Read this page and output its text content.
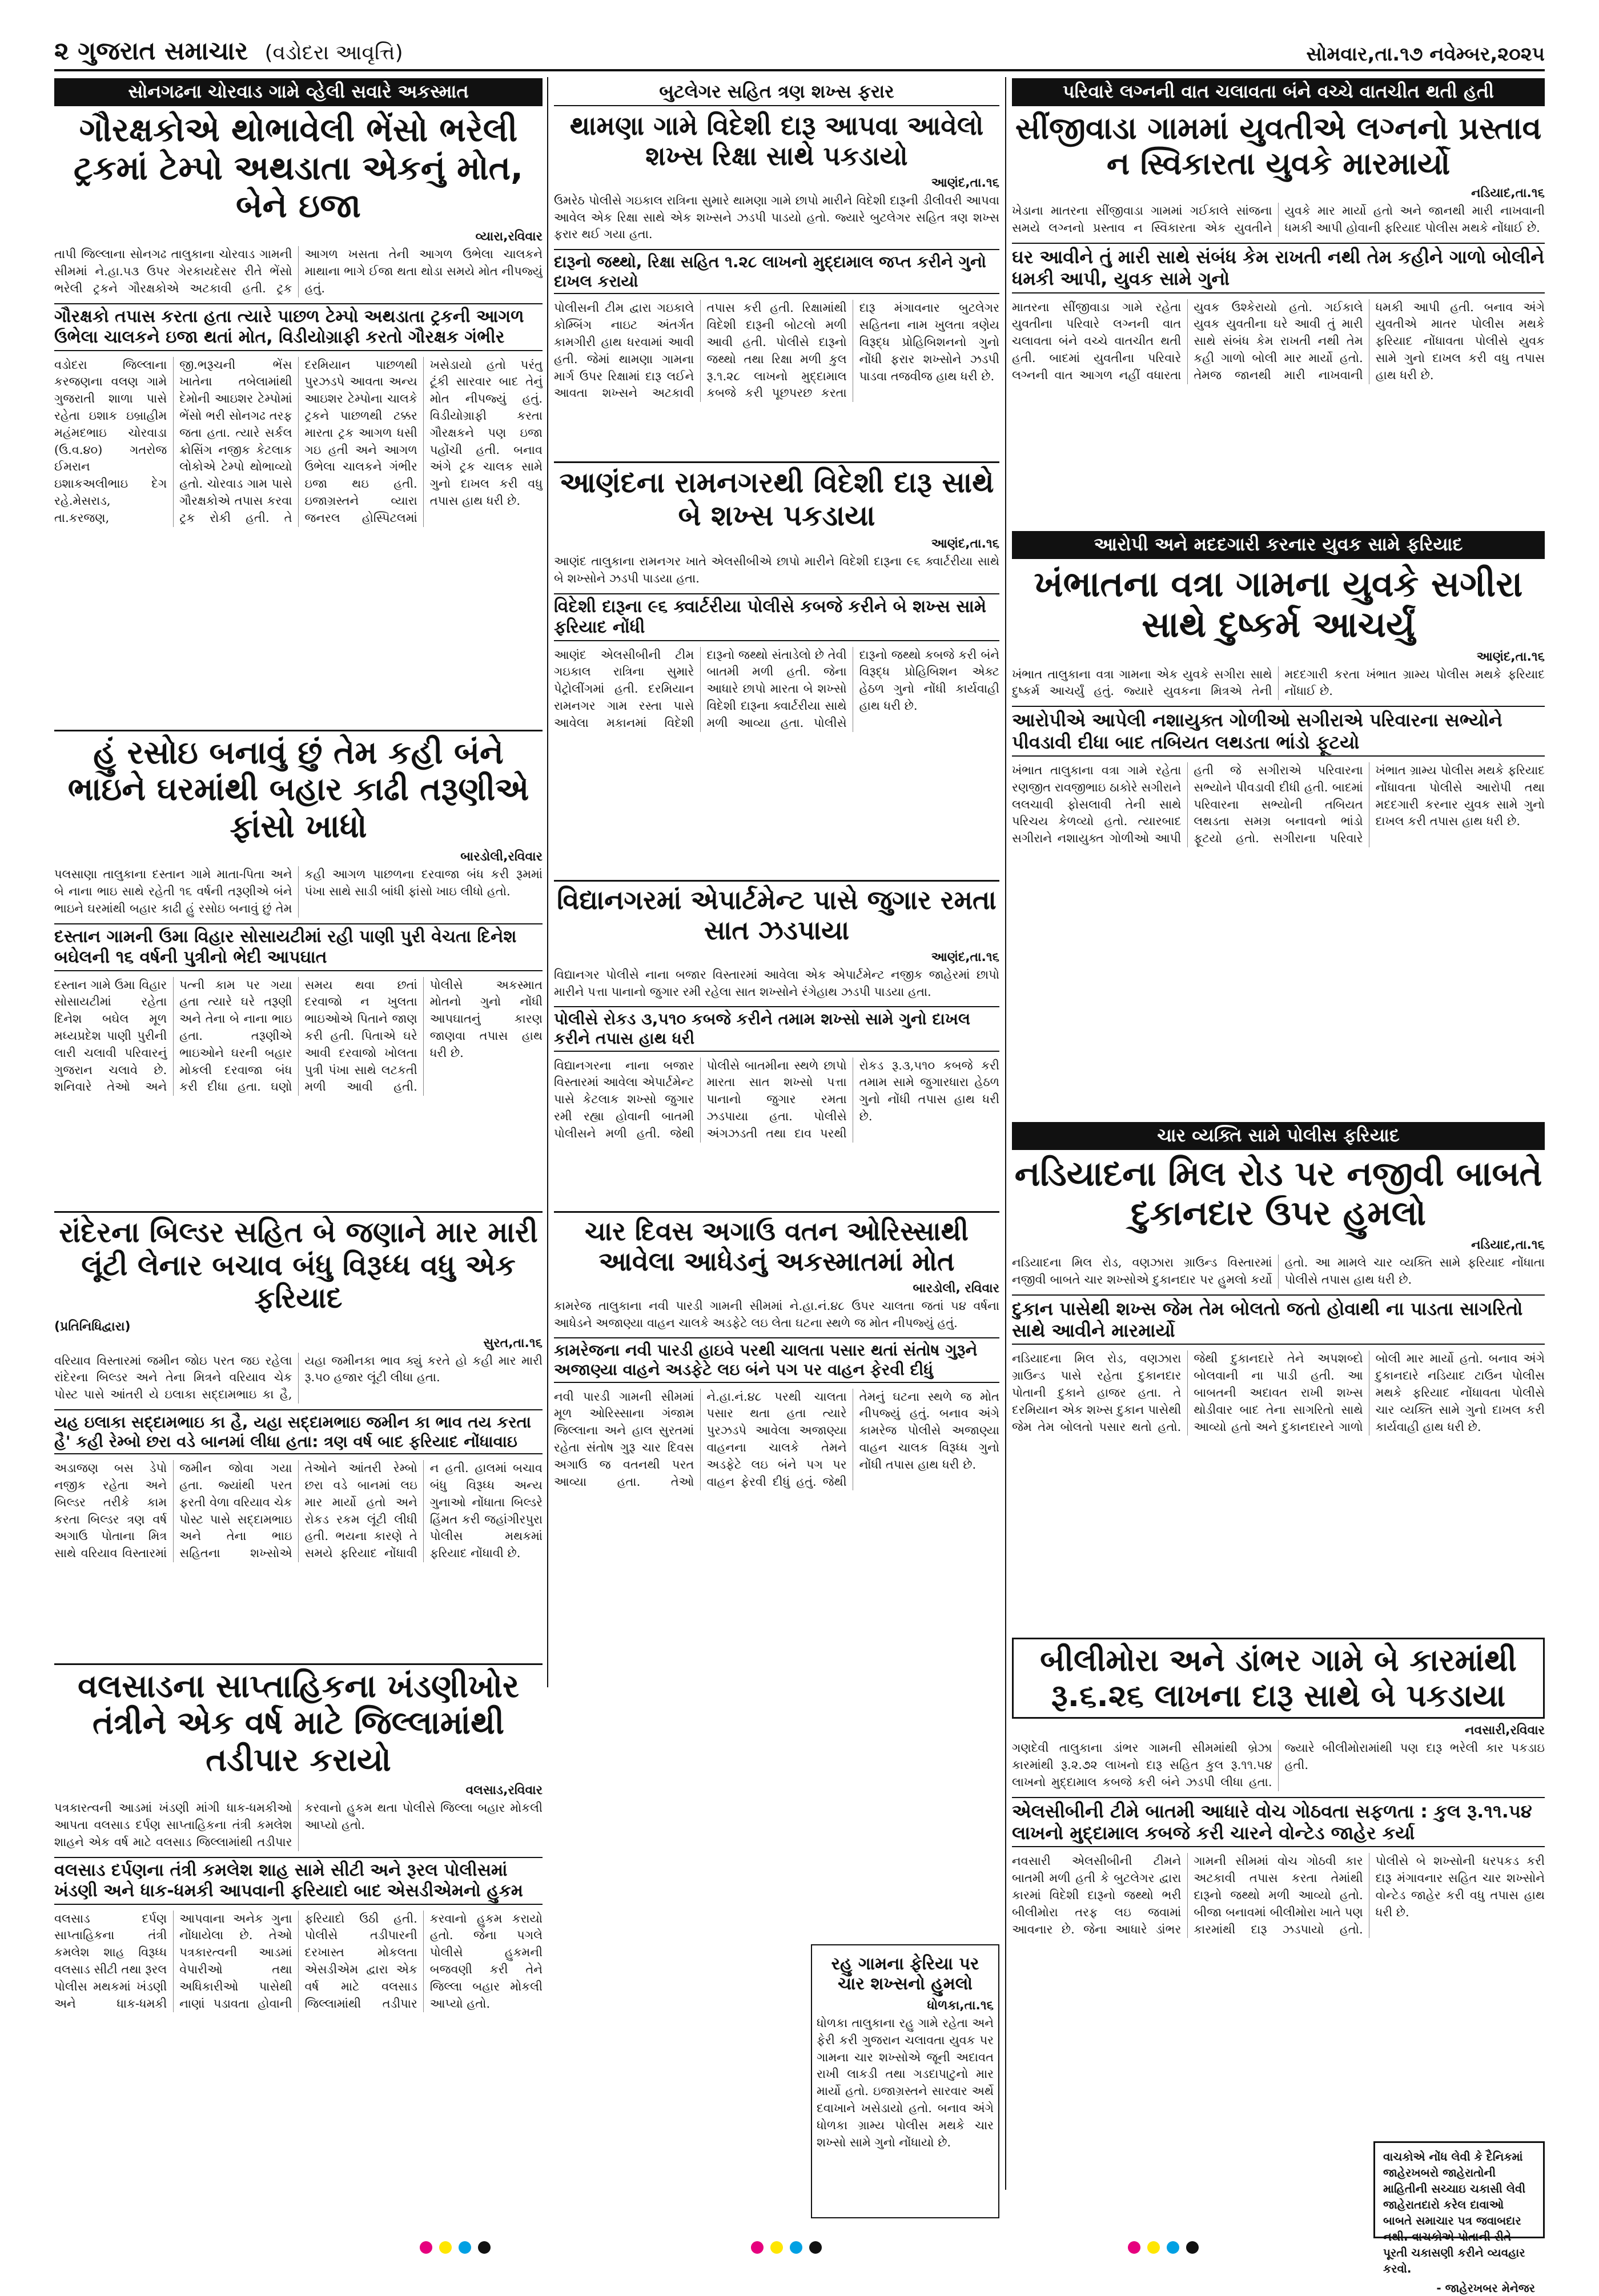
૨ ગુજરાત સમાચાર (વડોદરા આવૃત્તિ)	સોમવાર,તા.૧૭ નવેમ્બર,૨૦૨૫
સોનગઢના ચોરવાડ ગામે વ્હેલી સવારે અકસ્માત
ગૌરક્ષકોએ થોભાવેલી ભેંસો ભરેલી ટ્રકમાં ટેમ્પો અથડાતા એકનું મોત, બેને ઇજા
વ્યારા,રવિવાર
તાપી જિલ્લાના સોનગઢ તાલુકાના ચોરવાડ ગામની સીમમાં ને.હા.૫૩ ઉપર ગેરકાયદેસર રીતે ભેંસો ભરેલી ટ્રકને ગૌરક્ષકોએ અટકાવી હતી. ટ્રક આગળ ખસતા તેની આગળ ઉભેલા ચાલકને માથાના ભાગે ઈજા થતા થોડા સમયે મોત નીપજ્યું હતું.
ગૌરક્ષકો તપાસ કરતા હતા ત્યારે પાછળ ટેમ્પો અથડાતા ટ્રકની આગળ ઉભેલા ચાલકને ઇજા થતાં મોત, વિડીયોગ્રાફી કરતો ગૌરક્ષક ગંભીર
વડોદરા જિલ્લાના કરજણના વલણ ગામે ગુજરાતી શાળા પાસે રહેતા ઇશાક ઇબ્રાહીમ મહંમદભાઇ ચોરવાડા (ઉ.વ.૪૦) ગતરોજ ઈમરાન ઇશાકઅલીભાઇ દેગ રહે.મેસરાડ, તા.કરજણ, જી.ભરૂચની ભેંસ ખાતેના તબેલામાંથી દેમોની આઇશર ટેમ્પોમાં ભેંસો ભરી સોનગઢ તરફ જતા હતા. ત્યારે સર્કલ ક્રોસિંગ નજીક કેટલાક લોકોએ ટેમ્પો થોભાવ્યો હતો. ચોરવાડ ગામ પાસે ગૌરક્ષકોએ તપાસ કરવા ટ્રક રોકી હતી. તે દરમિયાન પાછળથી પુરઝડપે આવતા અન્ય આઇશર ટેમ્પોના ચાલકે ટ્રકને પાછળથી ટક્કર મારતા ટ્રક આગળ ધસી ગઇ હતી અને આગળ ઉભેલા ચાલકને ગંભીર ઇજા થઇ હતી. ઇજાગ્રસ્તને વ્યારા જનરલ હોસ્પિટલમાં ખસેડાયો હતો પરંતુ ટૂંકી સારવાર બાદ તેનું મોત નીપજ્યું હતું. વિડીયોગ્રાફી કરતા ગૌરક્ષકને પણ ઇજા પહોંચી હતી. બનાવ અંગે ટ્રક ચાલક સામે ગુનો દાખલ કરી વધુ તપાસ હાથ ધરી છે.
બુટલેગર સહિત ત્રણ શખ્સ ફરાર
થામણા ગામે વિદેશી દારૂ આપવા આવેલો શખ્સ રિક્ષા સાથે પકડાયો
આણંદ,તા.૧૬
ઉમરેઠ પોલીસે ગઇકાલ રાત્રિના સુમારે થામણા ગામે છાપો મારીને વિદેશી દારૂની ડીલીવરી આપવા આવેલ એક રિક્ષા સાથે એક શખ્સને ઝડપી પાડયો હતો. જ્યારે બુટલેગર સહિત ત્રણ શખ્સ ફરાર થઈ ગયા હતા.
દારૂનો જથ્થો, રિક્ષા સહિત ૧.૨૮ લાખનો મુદ્દામાલ જપ્ત કરીને ગુનો દાખલ કરાયો
પોલીસની ટીમ દ્વારા ગઇકાલે કોમ્બિંગ નાઇટ અંતર્ગત કામગીરી હાથ ધરવામાં આવી હતી. જેમાં થામણા ગામના માર્ગ ઉપર રિક્ષામાં દારૂ લઈને આવતા શખ્સને અટકાવી તપાસ કરી હતી. રિક્ષામાંથી વિદેશી દારૂની બોટલો મળી આવી હતી. પોલીસે દારૂનો જથ્થો તથા રિક્ષા મળી કુલ રૂ.૧.૨૮ લાખનો મુદ્દામાલ કબજે કરી પૂછપરછ કરતા દારૂ મંગાવનાર બુટલેગર સહિતના નામ ખુલતા ત્રણેય વિરૂદ્ધ પ્રોહિબિશનનો ગુનો નોંધી ફરાર શખ્સોને ઝડપી પાડવા તજવીજ હાથ ધરી છે.
પરિવારે લગ્નની વાત ચલાવતા બંને વચ્ચે વાતચીત થતી હતી
સીંજીવાડા ગામમાં યુવતીએ લગ્નનો પ્રસ્તાવ ન સ્વિકારતા યુવકે મારમાર્યો
નડિયાદ,તા.૧૬
ખેડાના માતરના સીંજીવાડા ગામમાં ગઈકાલે સાંજના સમયે લગ્નનો પ્રસ્તાવ ન સ્વિકારતા એક યુવતીને યુવકે માર માર્યો હતો અને જાનથી મારી નાખવાની ધમકી આપી હોવાની ફરિયાદ પોલીસ મથકે નોંધાઈ છે.
ઘર આવીને તું મારી સાથે સંબંધ કેમ રાખતી નથી તેમ કહીને ગાળો બોલીને ધમકી આપી, યુવક સામે ગુનો
માતરના સીંજીવાડા ગામે રહેતા યુવતીના પરિવારે લગ્નની વાત ચલાવતા બંને વચ્ચે વાતચીત થતી હતી. બાદમાં યુવતીના પરિવારે લગ્નની વાત આગળ નહીં વધારતા યુવક ઉશ્કેરાયો હતો. ગઈકાલે યુવક યુવતીના ઘરે આવી તું મારી સાથે સંબંધ કેમ રાખતી નથી તેમ કહી ગાળો બોલી માર માર્યો હતો. તેમજ જાનથી મારી નાખવાની ધમકી આપી હતી. બનાવ અંગે યુવતીએ માતર પોલીસ મથકે ફરિયાદ નોંધાવતા પોલીસે યુવક સામે ગુનો દાખલ કરી વધુ તપાસ હાથ ધરી છે.
આણંદના રામનગરથી વિદેશી દારૂ સાથે બે શખ્સ પકડાયા
આણંદ,તા.૧૬
આણંદ તાલુકાના રામનગર ખાતે એલસીબીએ છાપો મારીને વિદેશી દારૂના ૯૬ ક્વાર્ટરીયા સાથે બે શખ્સોને ઝડપી પાડયા હતા.
વિદેશી દારૂના ૯૬ ક્વાર્ટરીયા પોલીસે કબજે કરીને બે શખ્સ સામે ફરિયાદ નોંધી
આણંદ એલસીબીની ટીમ ગઇકાલ રાત્રિના સુમારે પેટ્રોલીંગમાં હતી. દરમિયાન રામનગર ગામ રસ્તા પાસે આવેલા મકાનમાં વિદેશી દારૂનો જથ્થો સંતાડેલો છે તેવી બાતમી મળી હતી. જેના આધારે છાપો મારતા બે શખ્સો વિદેશી દારૂના ક્વાર્ટરીયા સાથે મળી આવ્યા હતા. પોલીસે દારૂનો જથ્થો કબજે કરી બંને વિરૂદ્ધ પ્રોહિબિશન એક્ટ હેઠળ ગુનો નોંધી કાર્યવાહી હાથ ધરી છે.
આરોપી અને મદદગારી કરનાર યુવક સામે ફરિયાદ
ખંભાતના વત્રા ગામના યુવકે સગીરા સાથે દુષ્કર્મ આચર્યું
આણંદ,તા.૧૬
ખંભાત તાલુકાના વત્રા ગામના એક યુવકે સગીરા સાથે દુષ્કર્મ આચર્યું હતું. જ્યારે યુવકના મિત્રએ તેની મદદગારી કરતા ખંભાત ગ્રામ્ય પોલીસ મથકે ફરિયાદ નોંધાઈ છે.
આરોપીએ આપેલી નશાયુક્ત ગોળીઓ સગીરાએ પરિવારના સભ્યોને પીવડાવી દીધા બાદ તબિયત લથડતા ભાંડો ફૂટયો
ખંભાત તાલુકાના વત્રા ગામે રહેતા રણજીત રાવજીભાઇ ઠાકોરે સગીરાને લલચાવી ફોસલાવી તેની સાથે પરિચય કેળવ્યો હતો. ત્યારબાદ સગીરાને નશાયુક્ત ગોળીઓ આપી હતી જે સગીરાએ પરિવારના સભ્યોને પીવડાવી દીધી હતી. બાદમાં પરિવારના સભ્યોની તબિયત લથડતા સમગ્ર બનાવનો ભાંડો ફૂટયો હતો. સગીરાના પરિવારે ખંભાત ગ્રામ્ય પોલીસ મથકે ફરિયાદ નોંધાવતા પોલીસે આરોપી તથા મદદગારી કરનાર યુવક સામે ગુનો દાખલ કરી તપાસ હાથ ધરી છે.
હું રસોઇ બનાવું છું તેમ કહી બંને ભાઇને ઘરમાંથી બહાર કાઢી તરૂણીએ ફાંસો ખાધો
બારડોલી,રવિવાર
પલસાણા તાલુકાના દસ્તાન ગામે માતા-પિતા અને બે નાના ભાઇ સાથે રહેતી ૧૬ વર્ષની તરૂણીએ બંને ભાઇને ઘરમાંથી બહાર કાઢી હું રસોઇ બનાવું છું તેમ કહી આગળ પાછળના દરવાજા બંધ કરી રૂમમાં પંખા સાથે સાડી બાંધી ફાંસો ખાઇ લીધો હતો.
દસ્તાન ગામની ઉમા વિહાર સોસાયટીમાં રહી પાણી પુરી વેચતા દિનેશ બઘેલની ૧૬ વર્ષની પુત્રીનો ભેદી આપઘાત
દસ્તાન ગામે ઉમા વિહાર સોસાયટીમાં રહેતા દિનેશ બઘેલ મૂળ મધ્યપ્રદેશ પાણી પુરીની લારી ચલાવી પરિવારનું ગુજરાન ચલાવે છે. શનિવારે તેઓ અને પત્ની કામ પર ગયા હતા ત્યારે ઘરે તરૂણી અને તેના બે નાના ભાઇ હતા. તરૂણીએ ભાઇઓને ઘરની બહાર મોકલી દરવાજા બંધ કરી દીધા હતા. ઘણો સમય થવા છતાં દરવાજો ન ખુલતા ભાઇઓએ પિતાને જાણ કરી હતી. પિતાએ ઘરે આવી દરવાજો ખોલતા પુત્રી પંખા સાથે લટકતી મળી આવી હતી. પોલીસે અકસ્માત મોતનો ગુનો નોંધી આપઘાતનું કારણ જાણવા તપાસ હાથ ધરી છે.
વિદ્યાનગરમાં એપાર્ટમેન્ટ પાસે જુગાર રમતા સાત ઝડપાયા
આણંદ,તા.૧૬
વિદ્યાનગર પોલીસે નાના બજાર વિસ્તારમાં આવેલા એક એપાર્ટમેન્ટ નજીક જાહેરમાં છાપો મારીને પત્તા પાનાનો જુગાર રમી રહેલા સાત શખ્સોને રંગેહાથ ઝડપી પાડયા હતા.
પોલીસે રોકડ ૩,૫૧૦ કબજે કરીને તમામ શખ્સો સામે ગુનો દાખલ કરીને તપાસ હાથ ધરી
વિદ્યાનગરના નાના બજાર વિસ્તારમાં આવેલા એપાર્ટમેન્ટ પાસે કેટલાક શખ્સો જુગાર રમી રહ્યા હોવાની બાતમી પોલીસને મળી હતી. જેથી પોલીસે બાતમીના સ્થળે છાપો મારતા સાત શખ્સો પત્તા પાનાનો જુગાર રમતા ઝડપાયા હતા. પોલીસે અંગઝડતી તથા દાવ પરથી રોકડ રૂ.૩,૫૧૦ કબજે કરી તમામ સામે જુગારધારા હેઠળ ગુનો નોંધી તપાસ હાથ ધરી છે.
ચાર વ્યક્તિ સામે પોલીસ ફરિયાદ
નડિયાદના મિલ રોડ પર નજીવી બાબતે દુકાનદાર ઉપર હુમલો
નડિયાદ,તા.૧૬
નડિયાદના મિલ રોડ, વણઝારા ગ્રાઉન્ડ વિસ્તારમાં નજીવી બાબતે ચાર શખ્સોએ દુકાનદાર પર હુમલો કર્યો હતો. આ મામલે ચાર વ્યક્તિ સામે ફરિયાદ નોંધાતા પોલીસે તપાસ હાથ ધરી છે.
દુકાન પાસેથી શખ્સ જેમ તેમ બોલતો જતો હોવાથી ના પાડતા સાગરિતો સાથે આવીને મારમાર્યો
નડિયાદના મિલ રોડ, વણઝારા ગ્રાઉન્ડ પાસે રહેતા દુકાનદાર પોતાની દુકાને હાજર હતા. તે દરમિયાન એક શખ્સ દુકાન પાસેથી જેમ તેમ બોલતો પસાર થતો હતો. જેથી દુકાનદારે તેને અપશબ્દો બોલવાની ના પાડી હતી. આ બાબતની અદાવત રાખી શખ્સ થોડીવાર બાદ તેના સાગરિતો સાથે આવ્યો હતો અને દુકાનદારને ગાળો બોલી માર માર્યો હતો. બનાવ અંગે દુકાનદારે નડિયાદ ટાઉન પોલીસ મથકે ફરિયાદ નોંધાવતા પોલીસે ચાર વ્યક્તિ સામે ગુનો દાખલ કરી કાર્યવાહી હાથ ધરી છે.
રાંદેરના બિલ્ડર સહિત બે જણાને માર મારી લૂંટી લેનાર બચાવ બંધુ વિરૂધ્ધ વધુ એક ફરિયાદ
(પ્રતિનિધિદ્વારા)
સુરત,તા.૧૬
વરિયાવ વિસ્તારમાં જમીન જોઇ પરત જઇ રહેલા રાંદેરના બિલ્ડર અને તેના મિત્રને વરિયાવ ચેક પોસ્ટ પાસે આંતરી યે ઇલાકા સદ્દામભાઇ કા હૈ, યહા જમીનકા ભાવ ક્યું કરતે હો કહી માર મારી રૂ.૫૦ હજાર લૂંટી લીધા હતા.
યહ ઇલાકા સદ્દામભાઇ કા હૈ, યહા સદ્દામભાઇ જમીન કા ભાવ તય કરતા હૈ' કહી રેમ્બો છરા વડે બાનમાં લીધા હતા: ત્રણ વર્ષ બાદ ફરિયાદ નોંધાવાઇ
અડાજણ બસ ડેપો નજીક રહેતા અને બિલ્ડર તરીકે કામ કરતા બિલ્ડર ત્રણ વર્ષ અગાઉ પોતાના મિત્ર સાથે વરિયાવ વિસ્તારમાં જમીન જોવા ગયા હતા. જ્યાંથી પરત ફરતી વેળા વરિયાવ ચેક પોસ્ટ પાસે સદ્દામભાઇ અને તેના ભાઇ સહિતના શખ્સોએ તેઓને આંતરી રેમ્બો છરા વડે બાનમાં લઇ માર માર્યો હતો અને રોકડ રકમ લૂંટી લીધી હતી. ભયના કારણે તે સમયે ફરિયાદ નોંધાવી ન હતી. હાલમાં બચાવ બંધુ વિરૂધ્ધ અન્ય ગુનાઓ નોંધાતા બિલ્ડરે હિંમત કરી જહાંગીરપુરા પોલીસ મથકમાં ફરિયાદ નોંધાવી છે.
ચાર દિવસ અગાઉ વતન ઓરિસ્સાથી આવેલા આધેડનું અકસ્માતમાં મોત
બારડોલી, રવિવાર
કામરેજ તાલુકાના નવી પારડી ગામની સીમમાં ને.હા.નં.૪૮ ઉપર ચાલતા જતાં ૫૪ વર્ષના આધેડને અજાણ્યા વાહન ચાલકે અડફેટે લઇ લેતા ઘટના સ્થળે જ મોત નીપજ્યું હતું.
કામરેજના નવી પારડી હાઇવે પરથી ચાલતા પસાર થતાં સંતોષ ગુરૂને અજાણ્યા વાહને અડફેટે લઇ બંને પગ પર વાહન ફેરવી દીધું
નવી પારડી ગામની સીમમાં મૂળ ઓરિસ્સાના ગંજામ જિલ્લાના અને હાલ સુરતમાં રહેતા સંતોષ ગુરૂ ચાર દિવસ અગાઉ જ વતનથી પરત આવ્યા હતા. તેઓ ને.હા.નં.૪૮ પરથી ચાલતા પસાર થતા હતા ત્યારે પુરઝડપે આવેલા અજાણ્યા વાહનના ચાલકે તેમને અડફેટે લઇ બંને પગ પર વાહન ફેરવી દીધું હતું. જેથી તેમનું ઘટના સ્થળે જ મોત નીપજ્યું હતું. બનાવ અંગે કામરેજ પોલીસે અજાણ્યા વાહન ચાલક વિરૂધ્ધ ગુનો નોંધી તપાસ હાથ ધરી છે.
રહુ ગામના ફેરિયા પર ચાર શખ્સનો હુમલો
ધોળકા,તા.૧૬
ધોળકા તાલુકાના રહુ ગામે રહેતા અને ફેરી કરી ગુજરાન ચલાવતા યુવક પર ગામના ચાર શખ્સોએ જૂની અદાવત રાખી લાકડી તથા ગડદાપાટુનો માર માર્યો હતો. ઇજાગ્રસ્તને સારવાર અર્થે દવાખાને ખસેડાયો હતો. બનાવ અંગે ધોળકા ગ્રામ્ય પોલીસ મથકે ચાર શખ્સો સામે ગુનો નોંધાયો છે.
બીલીમોરા અને ડાંભર ગામે બે કારમાંથી રૂ.૬.૨૬ લાખના દારૂ સાથે બે પકડાયા
નવસારી,રવિવાર
ગણદેવી તાલુકાના ડાંભર ગામની સીમમાંથી બ્રેઝા કારમાંથી રૂ.૨.૭૨ લાખનો દારૂ સહિત કુલ રૂ.૧૧.૫૪ લાખનો મુદ્દામાલ કબજે કરી બંને ઝડપી લીધા હતા. જ્યારે બીલીમોરામાંથી પણ દારૂ ભરેલી કાર પકડાઇ હતી.
એલસીબીની ટીમે બાતમી આધારે વોચ ગોઠવતા સફળતા : કુલ રૂ.૧૧.૫૪ લાખનો મુદ્દામાલ કબજે કરી ચારને વોન્ટેડ જાહેર કર્યા
નવસારી એલસીબીની ટીમને બાતમી મળી હતી કે બુટલેગર દ્વારા કારમાં વિદેશી દારૂનો જથ્થો ભરી બીલીમોરા તરફ લઇ જવામાં આવનાર છે. જેના આધારે ડાંભર ગામની સીમમાં વોચ ગોઠવી કાર અટકાવી તપાસ કરતા તેમાંથી દારૂનો જથ્થો મળી આવ્યો હતો. બીજા બનાવમાં બીલીમોરા ખાતે પણ કારમાંથી દારૂ ઝડપાયો હતો. પોલીસે બે શખ્સોની ધરપકડ કરી દારૂ મંગાવનાર સહિત ચાર શખ્સોને વોન્ટેડ જાહેર કરી વધુ તપાસ હાથ ધરી છે.
વાચકોએ નોંધ લેવી કે દૈનિકમાં જાહેરખબરો જાહેરાતોની માહિતીની સચ્ચાઇ ચકાસી લેવી જાહેરાતદારો કરેલ દાવાઓ બાબતે સમાચાર પત્ર જવાબદાર નથી. વાચકોએ પોતાની રીતે પૂરતી ચકાસણી કરીને વ્યવહાર કરવો.
- જાહેરખબર મેનેજર
વલસાડના સાપ્તાહિકના ખંડણીખોર તંત્રીને એક વર્ષ માટે જિલ્લામાંથી તડીપાર કરાયો
વલસાડ,રવિવાર
પત્રકારત્વની આડમાં ખંડણી માંગી ધાક-ધમકીઓ આપતા વલસાડ દર્પણ સાપ્તાહિકના તંત્રી કમલેશ શાહને એક વર્ષ માટે વલસાડ જિલ્લામાંથી તડીપાર કરવાનો હુકમ થતા પોલીસે જિલ્લા બહાર મોકલી આપ્યો હતો.
વલસાડ દર્પણના તંત્રી કમલેશ શાહ સામે સીટી અને રૂરલ પોલીસમાં ખંડણી અને ધાક-ધમકી આપવાની ફરિયાદો બાદ એસડીએમનો હુકમ
વલસાડ દર્પણ સાપ્તાહિકના તંત્રી કમલેશ શાહ વિરૂધ્ધ વલસાડ સીટી તથા રૂરલ પોલીસ મથકમાં ખંડણી અને ધાક-ધમકી આપવાના અનેક ગુના નોંધાયેલા છે. તેઓ પત્રકારત્વની આડમાં વેપારીઓ તથા અધિકારીઓ પાસેથી નાણાં પડાવતા હોવાની ફરિયાદો ઉઠી હતી. પોલીસે તડીપારની દરખાસ્ત મોકલતા એસડીએમ દ્વારા એક વર્ષ માટે વલસાડ જિલ્લામાંથી તડીપાર કરવાનો હુકમ કરાયો હતો. જેના પગલે પોલીસે હુકમની બજવણી કરી તેને જિલ્લા બહાર મોકલી આપ્યો હતો.
